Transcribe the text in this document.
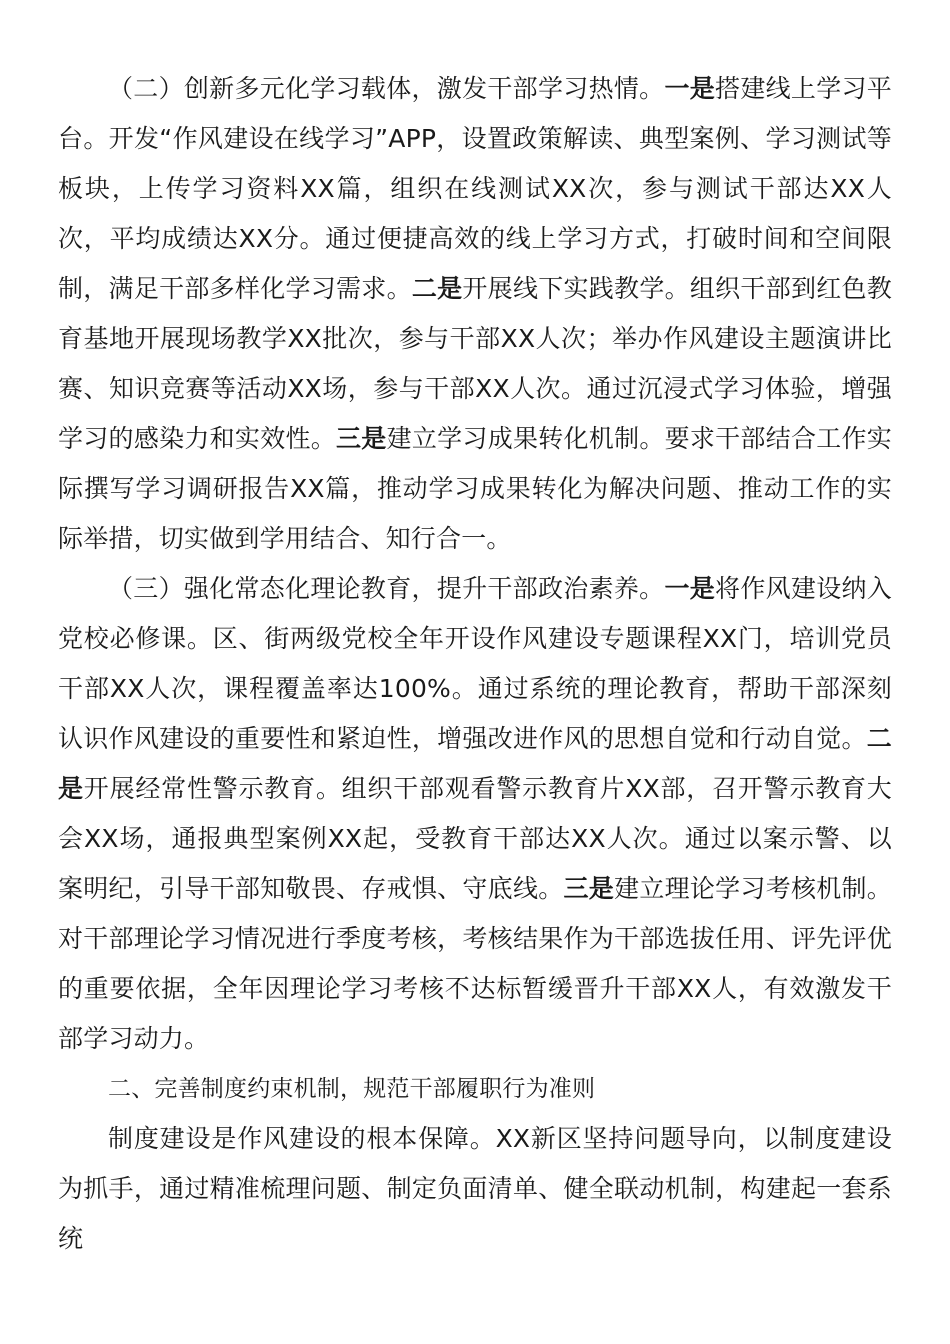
（二）创新多元化学习载体，激发干部学习热情。一是搭建线上学习平台。开发“作风建设在线学习”APP，设置政策解读、典型案例、学习测试等板块，上传学习资料XX篇，组织在线测试XX次，参与测试干部达XX人次，平均成绩达XX分。通过便捷高效的线上学习方式，打破时间和空间限制，满足干部多样化学习需求。二是开展线下实践教学。组织干部到红色教育基地开展现场教学XX批次，参与干部XX人次；举办作风建设主题演讲比赛、知识竞赛等活动XX场，参与干部XX人次。通过沉浸式学习体验，增强学习的感染力和实效性。三是建立学习成果转化机制。要求干部结合工作实际撰写学习调研报告XX篇，推动学习成果转化为解决问题、推动工作的实际举措，切实做到学用结合、知行合一。

（三）强化常态化理论教育，提升干部政治素养。一是将作风建设纳入党校必修课。区、街两级党校全年开设作风建设专题课程XX门，培训党员干部XX人次，课程覆盖率达100%。通过系统的理论教育，帮助干部深刻认识作风建设的重要性和紧迫性，增强改进作风的思想自觉和行动自觉。二是开展经常性警示教育。组织干部观看警示教育片XX部，召开警示教育大会XX场，通报典型案例XX起，受教育干部达XX人次。通过以案示警、以案明纪，引导干部知敬畏、存戒惧、守底线。三是建立理论学习考核机制。对干部理论学习情况进行季度考核，考核结果作为干部选拔任用、评先评优的重要依据，全年因理论学习考核不达标暂缓晋升干部XX人，有效激发干部学习动力。

二、完善制度约束机制，规范干部履职行为准则

制度建设是作风建设的根本保障。XX新区坚持问题导向，以制度建设为抓手，通过精准梳理问题、制定负面清单、健全联动机制，构建起一套系统
